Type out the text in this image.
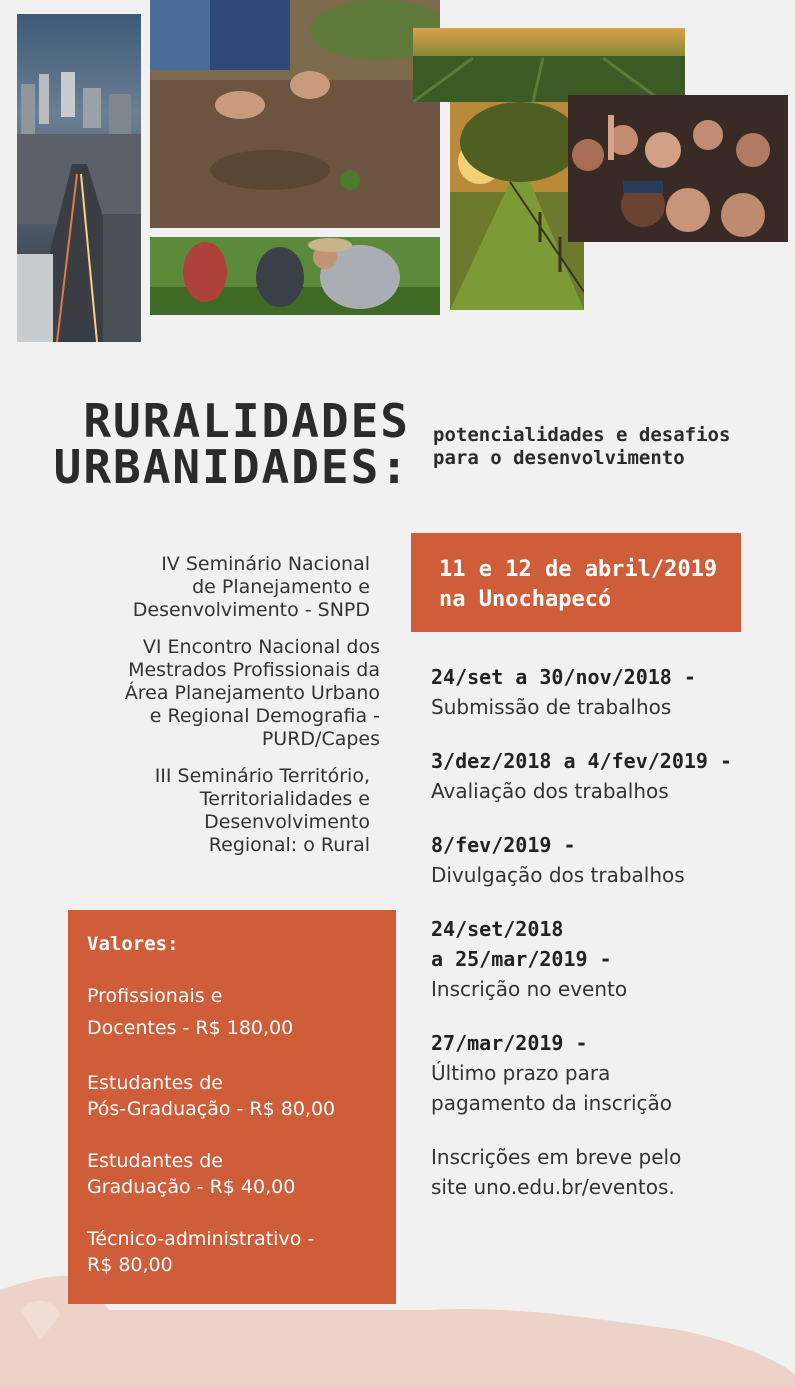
RURALIDADES
URBANIDADES:
potencialidades e desafios
para o desenvolvimento
IV Seminário Nacional
de Planejamento e
Desenvolvimento - SNPD
VI Encontro Nacional dos
Mestrados Profissionais da
Área Planejamento Urbano
e Regional Demografia -
PURD/Capes
III Seminário Território,
Territorialidades e
Desenvolvimento
Regional: o Rural
11 e 12 de abril/2019
na Unochapecó
24/set a 30/nov/2018 -
Submissão de trabalhos
3/dez/2018 a 4/fev/2019 -
Avaliação dos trabalhos
8/fev/2019 -
Divulgação dos trabalhos
24/set/2018
a 25/mar/2019 -
Inscrição no evento
27/mar/2019 -
Último prazo para
pagamento da inscrição
Inscrições em breve pelo
site uno.edu.br/eventos.
Valores:
Profissionais e
Docentes - R$ 180,00
Estudantes de
Pós-Graduação - R$ 80,00
Estudantes de
Graduação - R$ 40,00
Técnico-administrativo -
R$ 80,00
